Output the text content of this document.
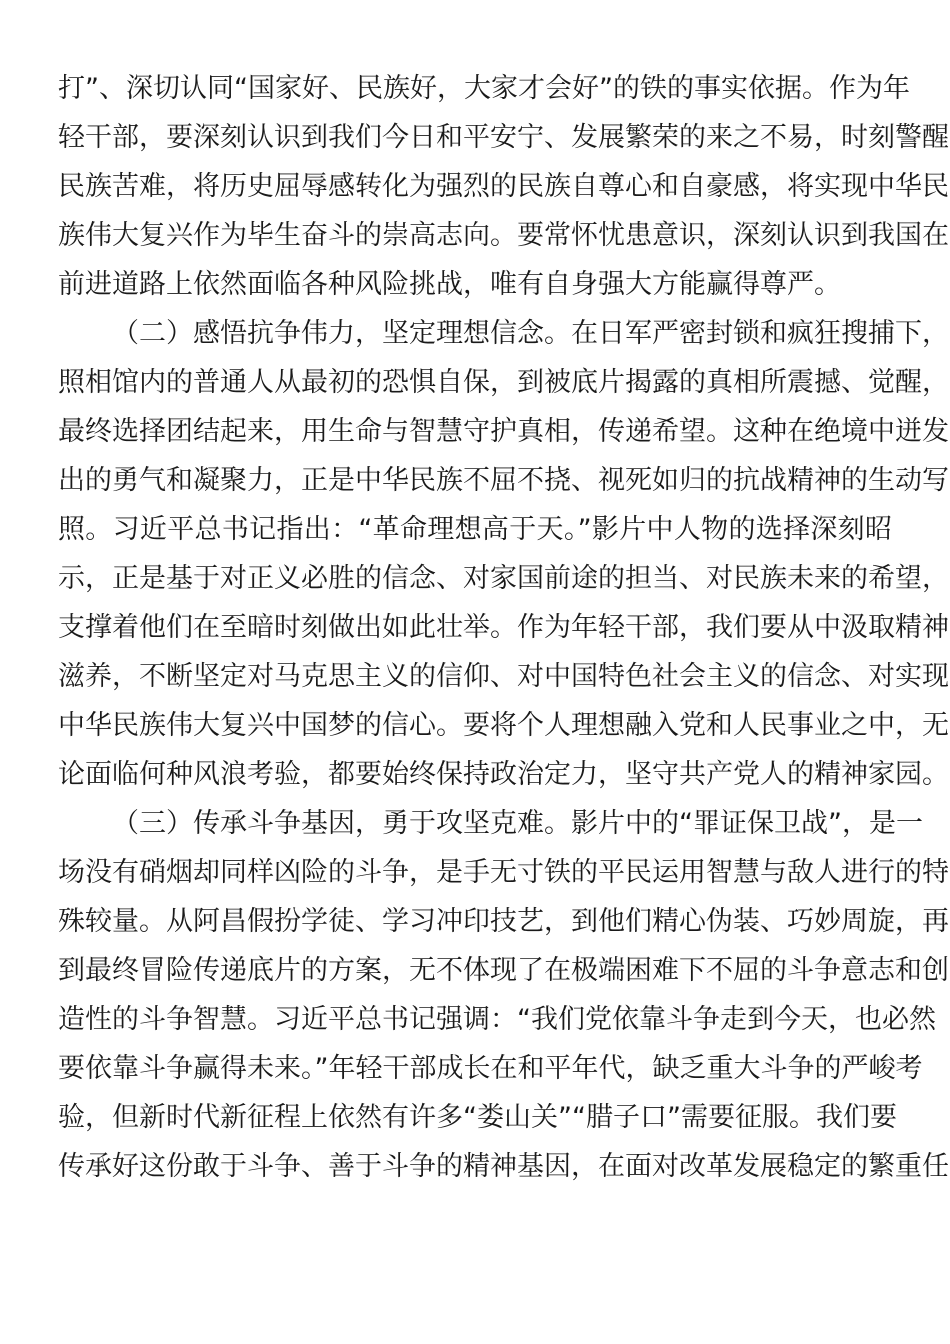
打”、深切认同“国家好、民族好，大家才会好”的铁的事实依据。作为年
轻干部，要深刻认识到我们今日和平安宁、发展繁荣的来之不易，时刻警醒
民族苦难，将历史屈辱感转化为强烈的民族自尊心和自豪感，将实现中华民
族伟大复兴作为毕生奋斗的崇高志向。要常怀忧患意识，深刻认识到我国在
前进道路上依然面临各种风险挑战，唯有自身强大方能赢得尊严。
（二）感悟抗争伟力，坚定理想信念。在日军严密封锁和疯狂搜捕下，
照相馆内的普通人从最初的恐惧自保，到被底片揭露的真相所震撼、觉醒，
最终选择团结起来，用生命与智慧守护真相，传递希望。这种在绝境中迸发
出的勇气和凝聚力，正是中华民族不屈不挠、视死如归的抗战精神的生动写
照。习近平总书记指出：“革命理想高于天。”影片中人物的选择深刻昭
示，正是基于对正义必胜的信念、对家国前途的担当、对民族未来的希望，
支撑着他们在至暗时刻做出如此壮举。作为年轻干部，我们要从中汲取精神
滋养，不断坚定对马克思主义的信仰、对中国特色社会主义的信念、对实现
中华民族伟大复兴中国梦的信心。要将个人理想融入党和人民事业之中，无
论面临何种风浪考验，都要始终保持政治定力，坚守共产党人的精神家园。
（三）传承斗争基因，勇于攻坚克难。影片中的“罪证保卫战”，是一
场没有硝烟却同样凶险的斗争，是手无寸铁的平民运用智慧与敌人进行的特
殊较量。从阿昌假扮学徒、学习冲印技艺，到他们精心伪装、巧妙周旋，再
到最终冒险传递底片的方案，无不体现了在极端困难下不屈的斗争意志和创
造性的斗争智慧。习近平总书记强调：“我们党依靠斗争走到今天，也必然
要依靠斗争赢得未来。”年轻干部成长在和平年代，缺乏重大斗争的严峻考
验，但新时代新征程上依然有许多“娄山关”“腊子口”需要征服。我们要
传承好这份敢于斗争、善于斗争的精神基因，在面对改革发展稳定的繁重任
